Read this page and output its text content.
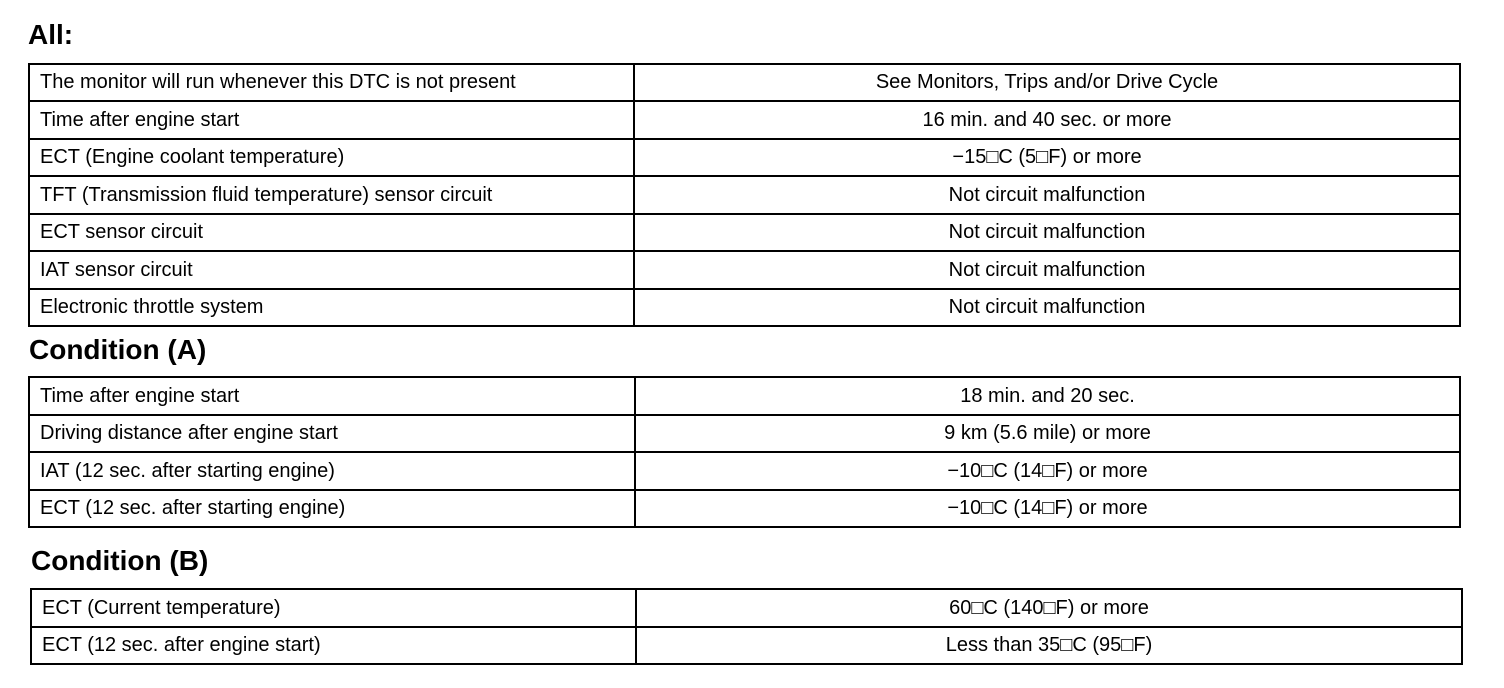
All:
The monitor will run whenever this DTC is not present	See Monitors, Trips and/or Drive Cycle
Time after engine start	16 min. and 40 sec. or more
ECT (Engine coolant temperature)	−15□C (5□F) or more
TFT (Transmission fluid temperature) sensor circuit	Not circuit malfunction
ECT sensor circuit	Not circuit malfunction
IAT sensor circuit	Not circuit malfunction
Electronic throttle system	Not circuit malfunction
Condition (A)
Time after engine start	18 min. and 20 sec.
Driving distance after engine start	9 km (5.6 mile) or more
IAT (12 sec. after starting engine)	−10□C (14□F) or more
ECT (12 sec. after starting engine)	−10□C (14□F) or more
Condition (B)
ECT (Current temperature)	60□C (140□F) or more
ECT (12 sec. after engine start)	Less than 35□C (95□F)
